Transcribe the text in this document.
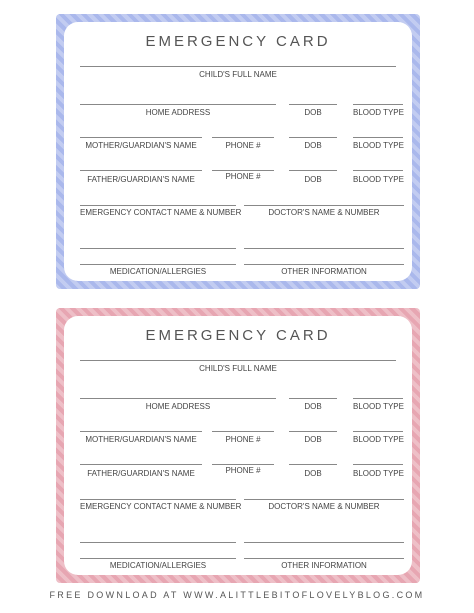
EMERGENCY CARD
CHILD'S FULL NAME
HOME ADDRESS	DOB	BLOOD TYPE
MOTHER/GUARDIAN'S NAME	PHONE #	DOB	BLOOD TYPE
FATHER/GUARDIAN'S NAME	PHONE #	DOB	BLOOD TYPE
EMERGENCY CONTACT NAME & NUMBER	DOCTOR'S NAME & NUMBER
MEDICATION/ALLERGIES	OTHER INFORMATION
EMERGENCY CARD
CHILD'S FULL NAME
HOME ADDRESS	DOB	BLOOD TYPE
MOTHER/GUARDIAN'S NAME	PHONE #	DOB	BLOOD TYPE
FATHER/GUARDIAN'S NAME	PHONE #	DOB	BLOOD TYPE
EMERGENCY CONTACT NAME & NUMBER	DOCTOR'S NAME & NUMBER
MEDICATION/ALLERGIES	OTHER INFORMATION
FREE DOWNLOAD AT WWW.ALITTLEBITOFLOVELYBLOG.COM
